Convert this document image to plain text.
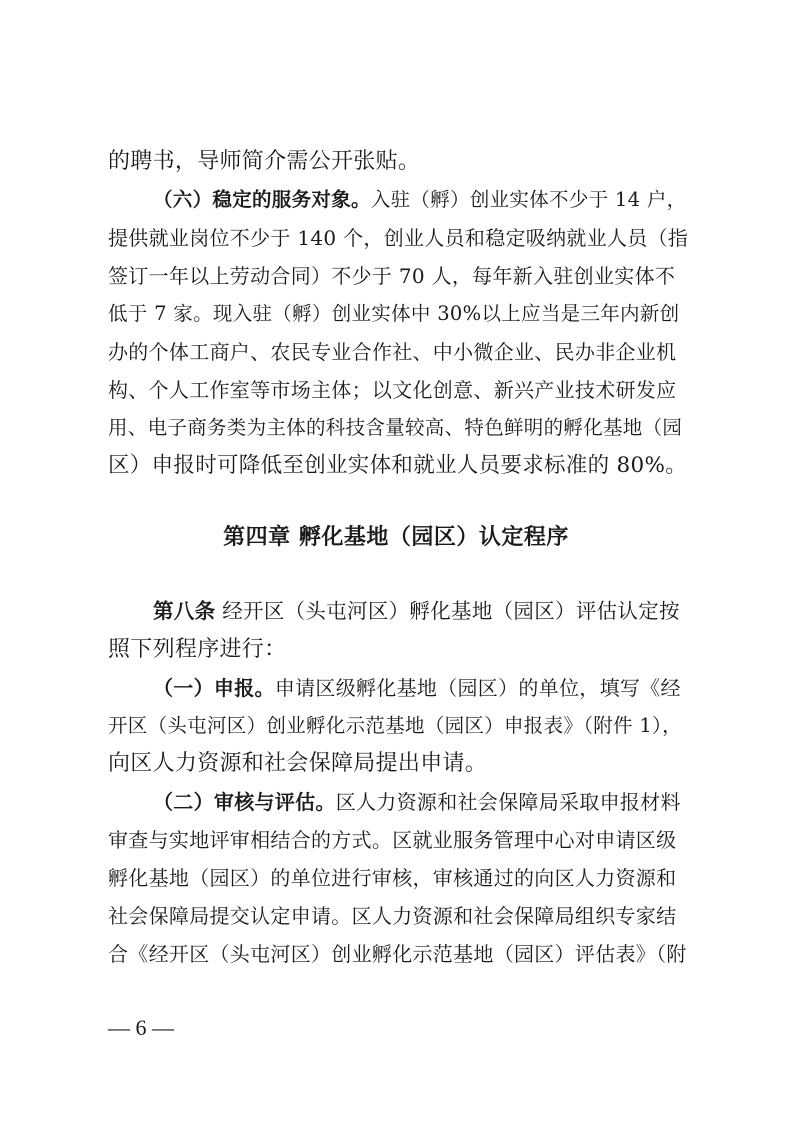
的聘书，导师简介需公开张贴。
（六）稳定的服务对象。入驻（孵）创业实体不少于 14 户，
提供就业岗位不少于 140 个，创业人员和稳定吸纳就业人员（指
签订一年以上劳动合同）不少于 70 人，每年新入驻创业实体不
低于 7 家。现入驻（孵）创业实体中 30%以上应当是三年内新创
办的个体工商户、农民专业合作社、中小微企业、民办非企业机
构、个人工作室等市场主体；以文化创意、新兴产业技术研发应
用、电子商务类为主体的科技含量较高、特色鲜明的孵化基地（园
区）申报时可降低至创业实体和就业人员要求标准的 80%。
第四章 孵化基地（园区）认定程序
第八条 经开区（头屯河区）孵化基地（园区）评估认定按
照下列程序进行：
（一）申报。申请区级孵化基地（园区）的单位，填写《经
开区（头屯河区）创业孵化示范基地（园区）申报表》（附件 1），
向区人力资源和社会保障局提出申请。
（二）审核与评估。区人力资源和社会保障局采取申报材料
审查与实地评审相结合的方式。区就业服务管理中心对申请区级
孵化基地（园区）的单位进行审核，审核通过的向区人力资源和
社会保障局提交认定申请。区人力资源和社会保障局组织专家结
合《经开区（头屯河区）创业孵化示范基地（园区）评估表》（附
— 6 —
